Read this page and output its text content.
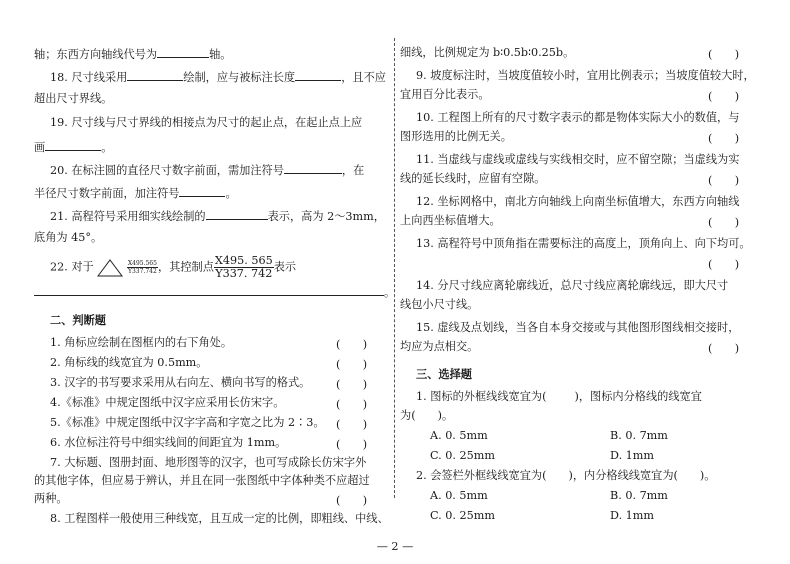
轴；东西方向轴线代号为	轴。
18. 尺寸线采用	绘制，应与被标注长度	，且不应
超出尺寸界线。
19. 尺寸线与尺寸界线的相接点为尺寸的起止点，在起止点上应
画	。
20. 在标注圆的直径尺寸数字前面，需加注符号	，在
半径尺寸数字前面，加注符号	。
21. 高程符号采用细实线绘制的	表示，高为 2～3mm，
底角为 45°。
22. 对于	$\frac{X495.565}{Y337.742}$ ，其控制点 $\frac{X495. 565}{Y337. 742}$ 表示
。
二、判断题
1. 角标应绘制在图框内的右下角处。	(　　)
2. 角标线的线宽宜为 0.5mm。	(　　)
3. 汉字的书写要求采用从右向左、横向书写的格式。 (　　)
4.《标准》中规定图纸中汉字应采用长仿宋字。	(　　)
5.《标准》中规定图纸中汉字字高和字宽之比为 2∶3。 (　　)
6. 水位标注符号中细实线间的间距宜为 1mm。	(　　)
7. 大标题、图册封面、地形图等的汉字，也可写成除长仿宋字外
的其他字体，但应易于辨认，并且在同一张图纸中字体种类不应超过
两种。	(　　)
8. 工程图样一般使用三种线宽，且互成一定的比例，即粗线、中线、
细线，比例规定为 b∶0.5b∶0.25b。	(　　)
9. 坡度标注时，当坡度值较小时，宜用比例表示；当坡度值较大时，
宜用百分比表示。	(　　)
10. 工程图上所有的尺寸数字表示的都是物体实际大小的数值，与
图形选用的比例无关。	(　　)
11. 当虚线与虚线或虚线与实线相交时，应不留空隙；当虚线为实
线的延长线时，应留有空隙。	(　　)
12. 坐标网格中，南北方向轴线上向南坐标值增大，东西方向轴线
上向西坐标值增大。	(　　)
13. 高程符号中顶角指在需要标注的高度上，顶角向上、向下均可。
(　　)
14. 分尺寸线应离轮廓线近，总尺寸线应离轮廓线远，即大尺寸
线包小尺寸线。
15. 虚线及点划线，当各自本身交接或与其他图形图线相交接时，
均应为点相交。	(　　)
三、选择题
1. 图标的外框线线宽宜为(	)，图标内分格线的线宽宜
为( )。
A. 0. 5mm	B. 0. 7mm
C. 0. 25mm	D. 1mm
2. 会签栏外框线线宽宜为( )，内分格线线宽宜为( )。
A. 0. 5mm	B. 0. 7mm
C. 0. 25mm	D. 1mm
— 2 —
